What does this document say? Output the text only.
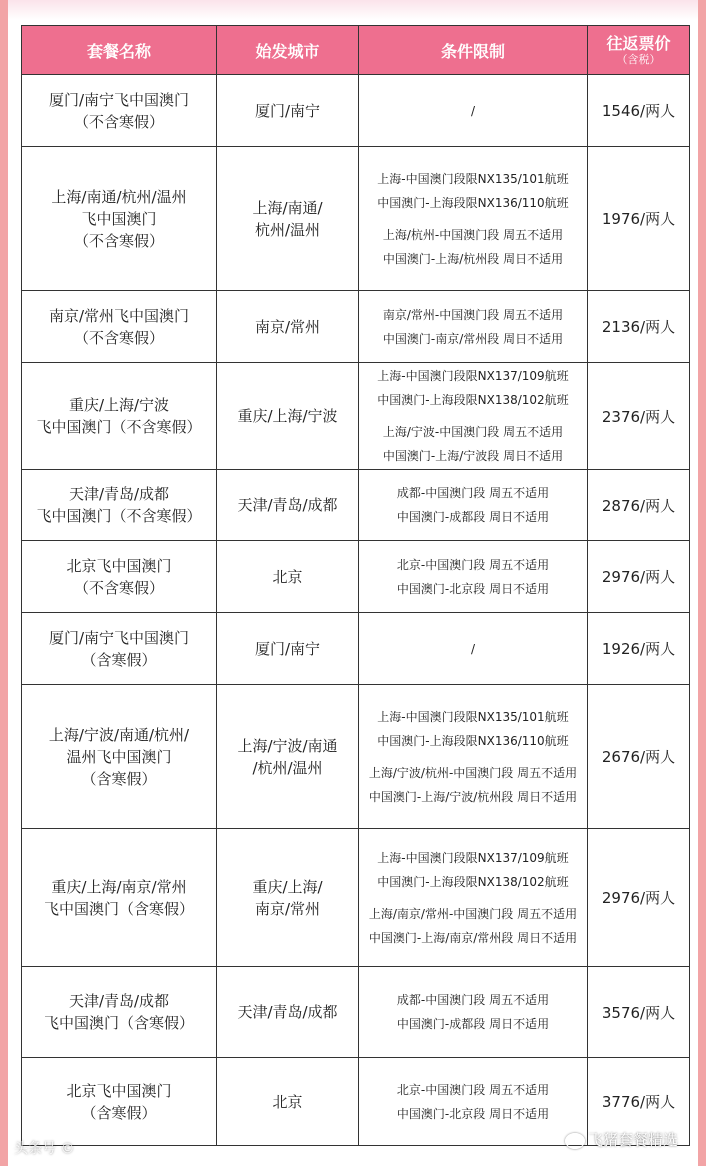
套餐名称	始发城市	条件限制	往返票价
（含税）

厦门/南宁飞中国澳门
（不含寒假）	厦门/南宁	/	1546/两人

上海/南通/杭州/温州
飞中国澳门
（不含寒假）	上海/南通/
杭州/温州	上海-中国澳门段限NX135/101航班
中国澳门-上海段限NX136/110航班
上海/杭州-中国澳门段 周五不适用
中国澳门-上海/杭州段 周日不适用	1976/两人

南京/常州飞中国澳门
（不含寒假）	南京/常州	南京/常州-中国澳门段 周五不适用
中国澳门-南京/常州段 周日不适用	2136/两人

重庆/上海/宁波
飞中国澳门（不含寒假）	重庆/上海/宁波	上海-中国澳门段限NX137/109航班
中国澳门-上海段限NX138/102航班
上海/宁波-中国澳门段 周五不适用
中国澳门-上海/宁波段 周日不适用	2376/两人

天津/青岛/成都
飞中国澳门（不含寒假）	天津/青岛/成都	成都-中国澳门段 周五不适用
中国澳门-成都段 周日不适用	2876/两人

北京飞中国澳门
（不含寒假）	北京	北京-中国澳门段 周五不适用
中国澳门-北京段 周日不适用	2976/两人

厦门/南宁飞中国澳门
（含寒假）	厦门/南宁	/	1926/两人

上海/宁波/南通/杭州/
温州飞中国澳门
（含寒假）	上海/宁波/南通
/杭州/温州	上海-中国澳门段限NX135/101航班
中国澳门-上海段限NX136/110航班
上海/宁波/杭州-中国澳门段 周五不适用
中国澳门-上海/宁波/杭州段 周日不适用	2676/两人

重庆/上海/南京/常州
飞中国澳门（含寒假）	重庆/上海/
南京/常州	上海-中国澳门段限NX137/109航班
中国澳门-上海段限NX138/102航班
上海/南京/常州-中国澳门段 周五不适用
中国澳门-上海/南京/常州段 周日不适用	2976/两人

天津/青岛/成都
飞中国澳门（含寒假）	天津/青岛/成都	成都-中国澳门段 周五不适用
中国澳门-成都段 周日不适用	3576/两人

北京飞中国澳门
（含寒假）	北京	北京-中国澳门段 周五不适用
中国澳门-北京段 周日不适用	3776/两人
头条号 ©	飞猪套餐精选
